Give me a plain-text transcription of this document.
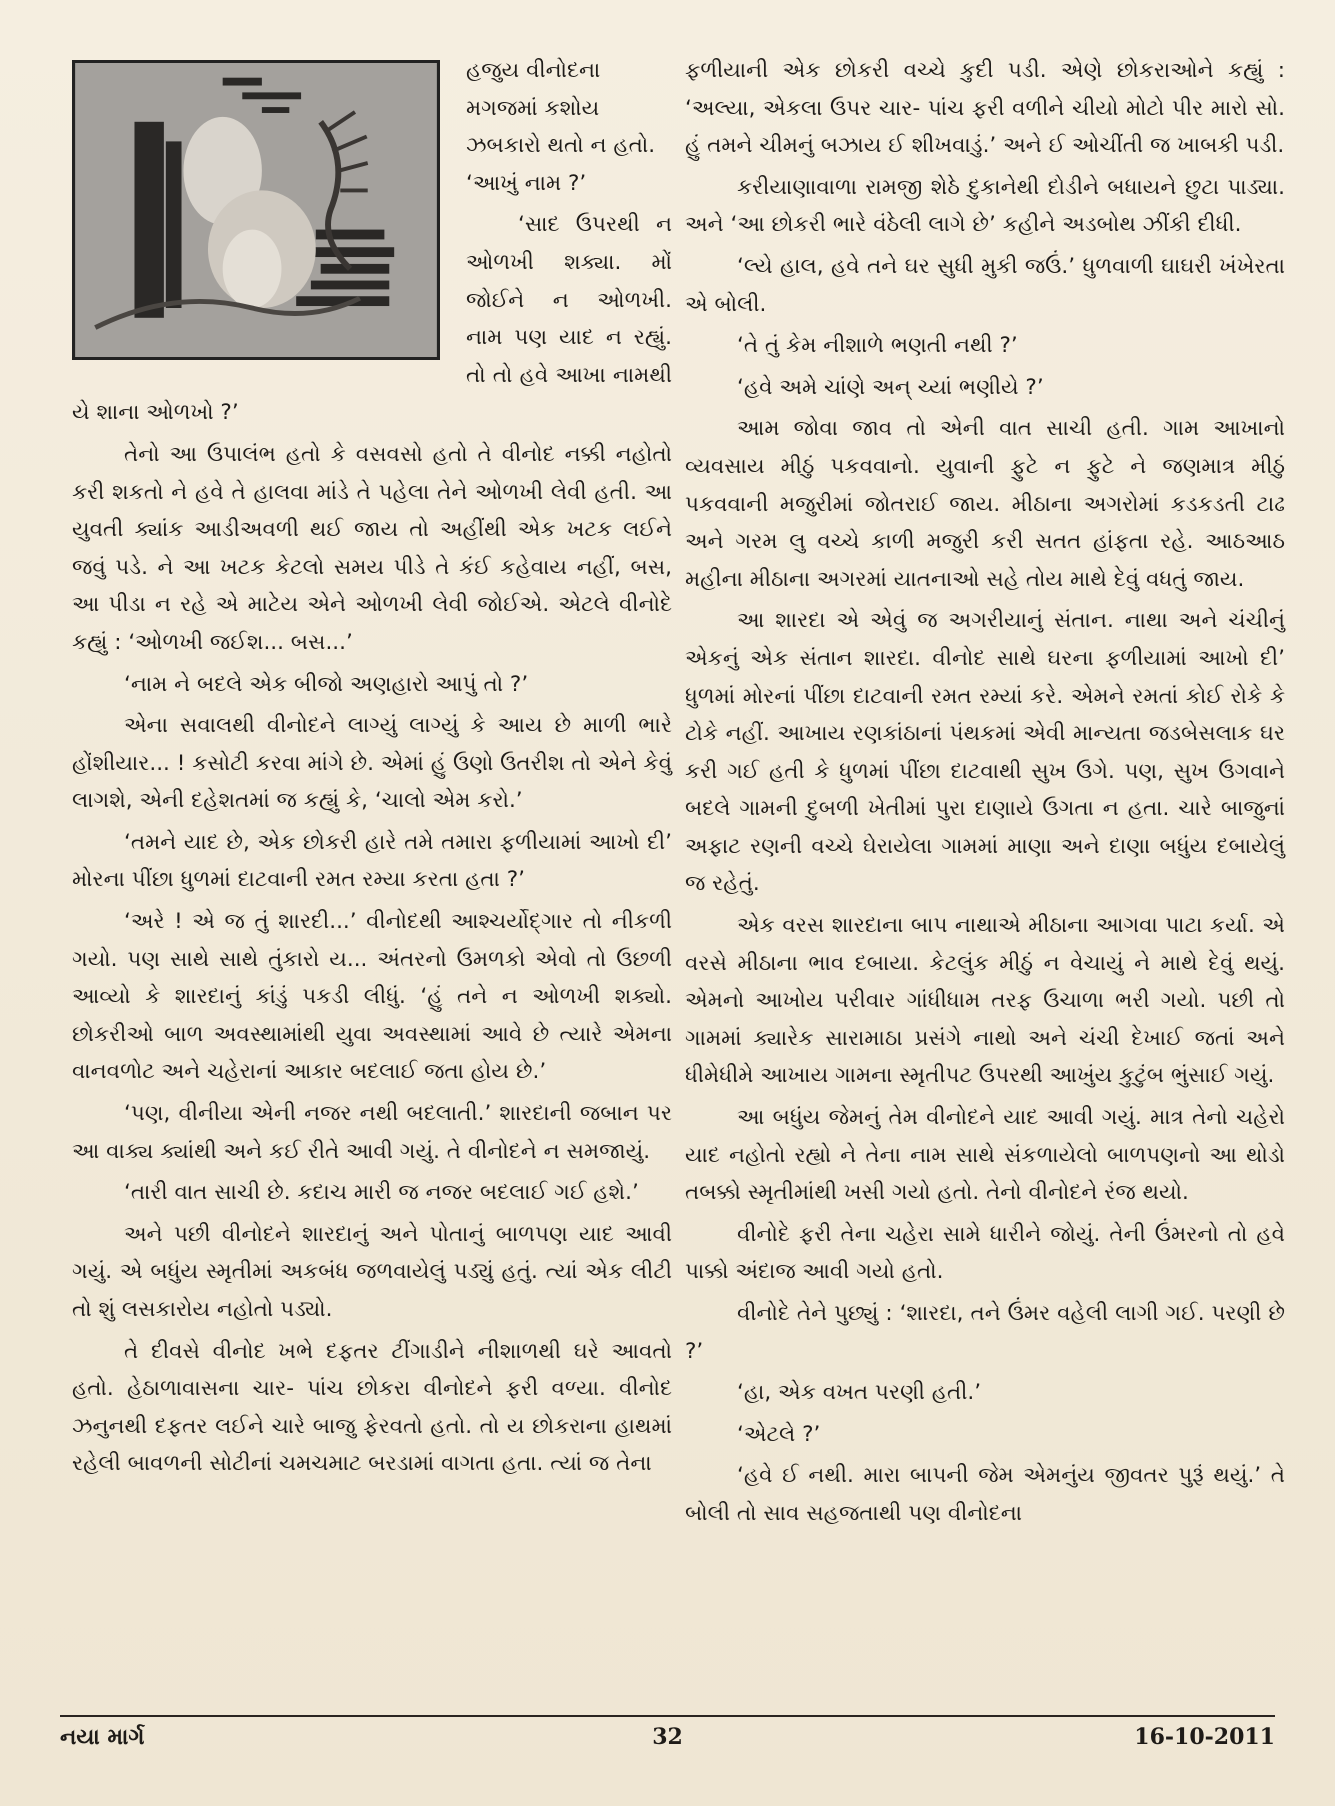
હજુય વીનોદના મગજમાં કશોય ઝબકારો થતો ન હતો. ‘આખું નામ ?’

‘સાદ ઉપરથી ન ઓળખી શક્યા. મોં જોઈને ન ઓળખી. નામ પણ યાદ ન રહ્યું. તો તો હવે આખા નામથી યે શાના ઓળખો ?’

તેનો આ ઉપાલંભ હતો કે વસવસો હતો તે વીનોદ નક્કી નહોતો કરી શકતો ને હવે તે હાલવા માંડે તે પહેલા તેને ઓળખી લેવી હતી. આ યુવતી ક્યાંક આડીઅવળી થઈ જાય તો અહીંથી એક ખટક લઈને જવું પડે. ને આ ખટક કેટલો સમય પીડે તે કંઈ કહેવાય નહીં, બસ, આ પીડા ન રહે એ માટેય એને ઓળખી લેવી જોઈએ. એટલે વીનોદે કહ્યું : ‘ઓળખી જઈશ... બસ...’

‘નામ ને બદલે એક બીજો અણહારો આપું તો ?’

એના સવાલથી વીનોદને લાગ્યું લાગ્યું કે આય છે માળી ભારે હોંશીયાર... ! કસોટી કરવા માંગે છે. એમાં હું ઉણો ઉતરીશ તો એને કેવું લાગશે, એની દહેશતમાં જ કહ્યું કે, ‘ચાલો એમ કરો.’

‘તમને યાદ છે, એક છોકરી હારે તમે તમારા ફળીયામાં આખો દી’ મોરના પીંછા ધુળમાં દાટવાની રમત રમ્યા કરતા હતા ?’

‘અરે ! એ જ તું શારદી...’ વીનોદથી આશ્ચર્યોદ્ગાર તો નીકળી ગયો. પણ સાથે સાથે તુંકારો ય... અંતરનો ઉમળકો એવો તો ઉછળી આવ્યો કે શારદાનું કાંડું પકડી લીધું. ‘હું તને ન ઓળખી શક્યો. છોકરીઓ બાળ અવસ્થામાંથી યુવા અવસ્થામાં આવે છે ત્યારે એમના વાનવળોટ અને ચહેરાનાં આકાર બદલાઈ જતા હોય છે.’

‘પણ, વીનીયા એની નજર નથી બદલાતી.’ શારદાની જબાન પર આ વાક્ય ક્યાંથી અને કઈ રીતે આવી ગયું. તે વીનોદને ન સમજાયું.

‘તારી વાત સાચી છે. કદાચ મારી જ નજર બદલાઈ ગઈ હશે.’

અને પછી વીનોદને શારદાનું અને પોતાનું બાળપણ યાદ આવી ગયું. એ બધુંય સ્મૃતીમાં અકબંધ જળવાયેલું પડ્યું હતું. ત્યાં એક લીટી તો શું લસકારોય નહોતો પડ્યો.

તે દીવસે વીનોદ ખભે દફતર ટીંગાડીને નીશાળથી ઘરે આવતો હતો. હેઠાળાવાસના ચાર- પાંચ છોકરા વીનોદને ફરી વળ્યા. વીનોદ ઝનુનથી દફતર લઈને ચારે બાજુ ફેરવતો હતો. તો ય છોકરાના હાથમાં રહેલી બાવળની સોટીનાં ચમચમાટ બરડામાં વાગતા હતા. ત્યાં જ તેના

ફળીયાની એક છોકરી વચ્ચે કુદી પડી. એણે છોકરાઓને કહ્યું : ‘અલ્યા, એકલા ઉપર ચાર- પાંચ ફરી વળીને ચીયો મોટો પીર મારો સો. હું તમને ચીમનું બઝાય ઈ શીખવાડું.’ અને ઈ ઓચીંતી જ ખાબકી પડી.

કરીયાણાવાળા રામજી શેઠે દુકાનેથી દોડીને બધાયને છુટા પાડ્યા. અને ‘આ છોકરી ભારે વંઠેલી લાગે છે’ કહીને અડબોથ ઝીંકી દીધી.

‘લ્યે હાલ, હવે તને ઘર સુધી મુકી જઉં.’ ધુળવાળી ઘાઘરી ખંખેરતા એ બોલી.

‘તે તું કેમ નીશાળે ભણતી નથી ?’

‘હવે અમે ચાંણે અન્‌ ચ્યાં ભણીયે ?’

આમ જોવા જાવ તો એની વાત સાચી હતી. ગામ આખાનો વ્યવસાય મીઠું પકવવાનો. યુવાની ફુટે ન ફુટે ને જણમાત્ર મીઠું પકવવાની મજુરીમાં જોતરાઈ જાય. મીઠાના અગરોમાં કડકડતી ટાઢ અને ગરમ લુ વચ્ચે કાળી મજુરી કરી સતત હાંફતા રહે. આઠઆઠ મહીના મીઠાના અગરમાં યાતનાઓ સહે તોય માથે દેવું વધતું જાય.

આ શારદા એ એવું જ અગરીયાનું સંતાન. નાથા અને ચંચીનું એકનું એક સંતાન શારદા. વીનોદ સાથે ઘરના ફળીયામાં આખો દી’ ધુળમાં મોરનાં પીંછા દાટવાની રમત રમ્યાં કરે. એમને રમતાં કોઈ રોકે કે ટોકે નહીં. આખાય રણકાંઠાનાં પંથકમાં એવી માન્યતા જડબેસલાક ઘર કરી ગઈ હતી કે ધુળમાં પીંછા દાટવાથી સુખ ઉગે. પણ, સુખ ઉગવાને બદલે ગામની દુબળી ખેતીમાં પુરા દાણાયે ઉગતા ન હતા. ચારે બાજુનાં અફાટ રણની વચ્ચે ઘેરાયેલા ગામમાં માણા અને દાણા બધુંય દબાયેલું જ રહેતું.

એક વરસ શારદાના બાપ નાથાએ મીઠાના આગવા પાટા કર્યા. એ વરસે મીઠાના ભાવ દબાયા. કેટલુંક મીઠું ન વેચાયું ને માથે દેવું થયું. એમનો આખોય પરીવાર ગાંધીધામ તરફ ઉચાળા ભરી ગયો. પછી તો ગામમાં ક્યારેક સારામાઠા પ્રસંગે નાથો અને ચંચી દેખાઈ જતાં અને ધીમેધીમે આખાય ગામના સ્મૃતીપટ ઉપરથી આખુંય કુટુંબ ભુંસાઈ ગયું.

આ બધુંય જેમનું તેમ વીનોદને યાદ આવી ગયું. માત્ર તેનો ચહેરો યાદ નહોતો રહ્યો ને તેના નામ સાથે સંકળાયેલો બાળપણનો આ થોડો તબક્કો સ્મૃતીમાંથી ખસી ગયો હતો. તેનો વીનોદને રંજ થયો.

વીનોદે ફરી તેના ચહેરા સામે ધારીને જોયું. તેની ઉંમરનો તો હવે પાક્કો અંદાજ આવી ગયો હતો.

વીનોદે તેને પુછ્યું : ‘શારદા, તને ઉંમર વહેલી લાગી ગઈ. પરણી છે ?’

‘હા, એક વખત પરણી હતી.’

‘એટલે ?’

‘હવે ઈ નથી. મારા બાપની જેમ એમનુંય જીવતર પુરૂં થયું.’ તે બોલી તો સાવ સહજતાથી પણ વીનોદના

નયા માર્ગ	32	16-10-2011
